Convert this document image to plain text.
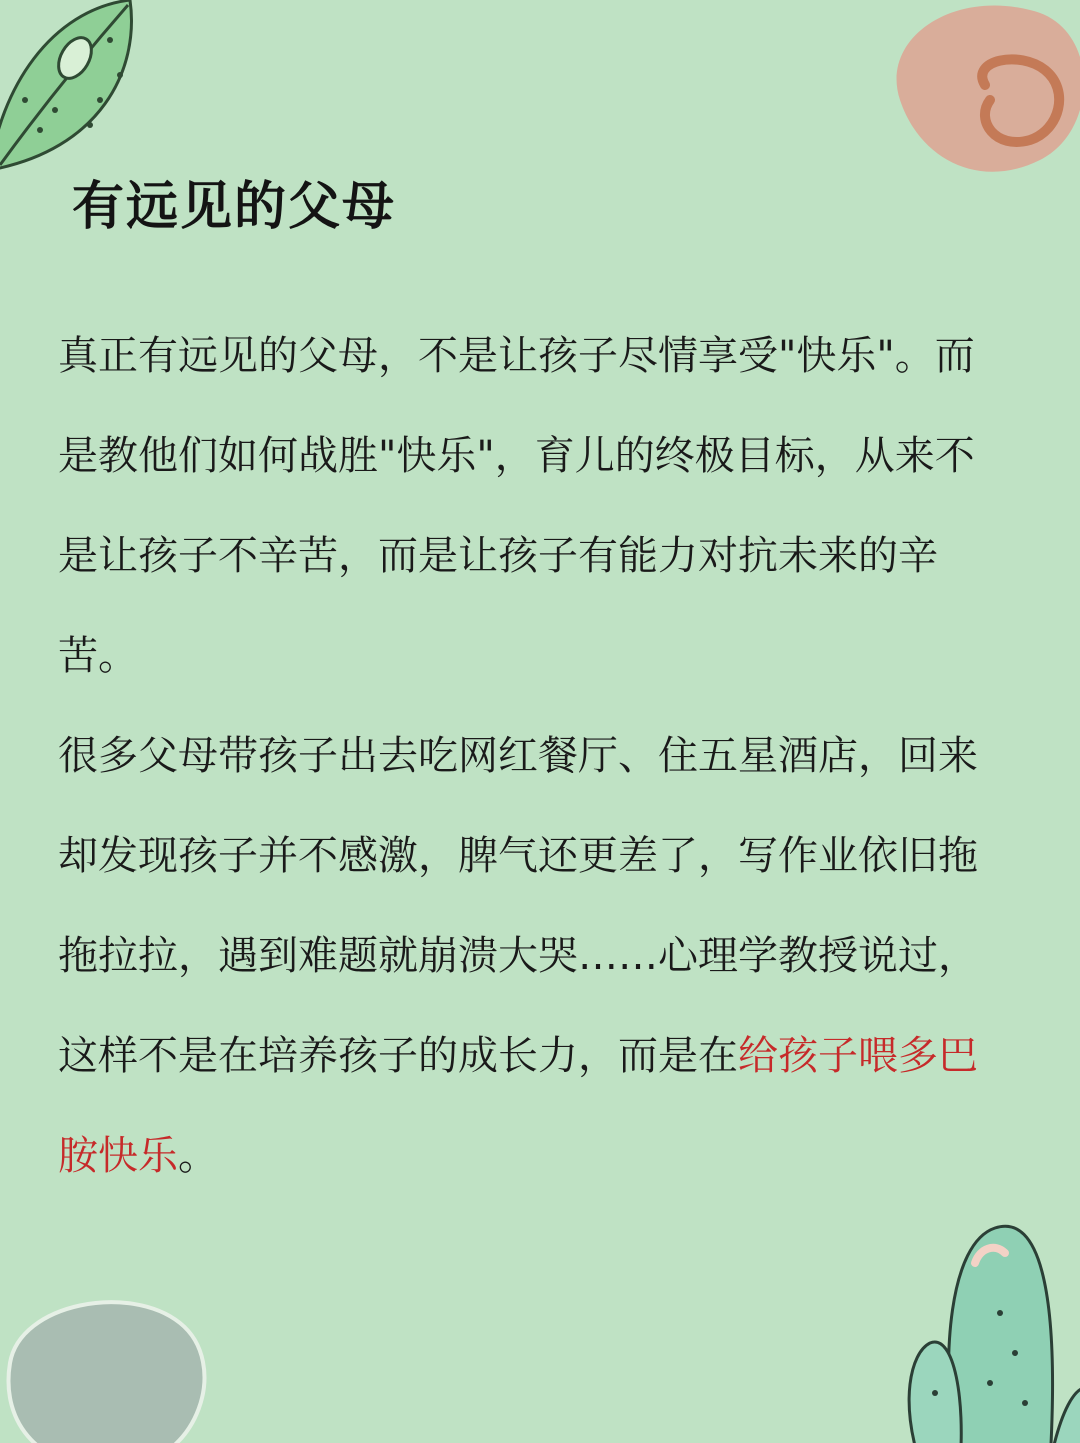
有远见的父母

真正有远见的父母，不是让孩子尽情享受"快乐"。而是教他们如何战胜"快乐"，育儿的终极目标，从来不是让孩子不辛苦，而是让孩子有能力对抗未来的辛苦。

很多父母带孩子出去吃网红餐厅、住五星酒店，回来却发现孩子并不感激，脾气还更差了，写作业依旧拖拖拉拉，遇到难题就崩溃大哭……心理学教授说过，这样不是在培养孩子的成长力，而是在给孩子喂多巴胺快乐。
